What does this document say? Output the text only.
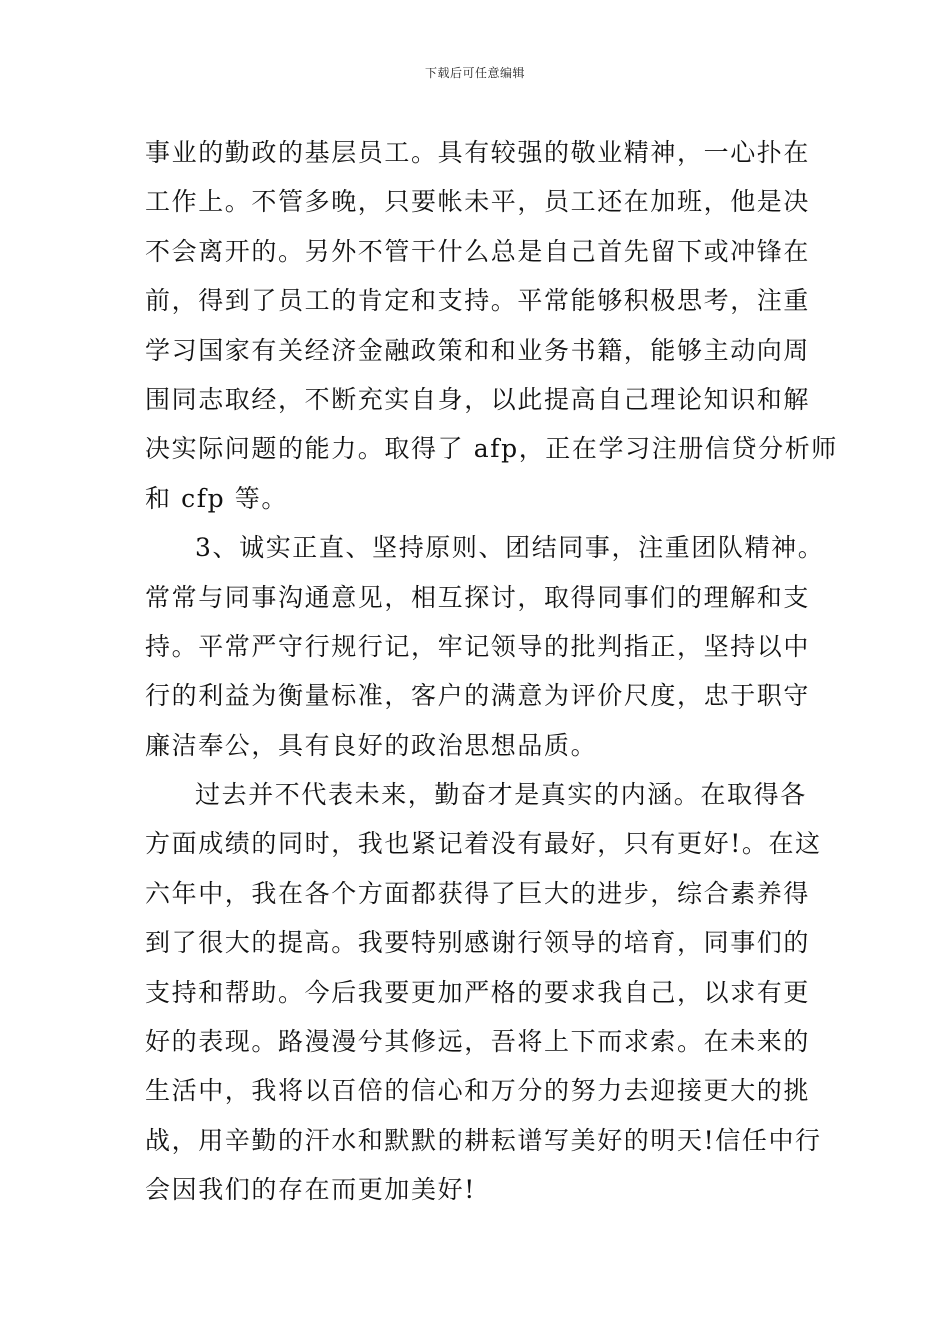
下载后可任意编辑
事业的勤政的基层员工。具有较强的敬业精神，一心扑在
工作上。不管多晚，只要帐未平，员工还在加班，他是决
不会离开的。另外不管干什么总是自己首先留下或冲锋在
前，得到了员工的肯定和支持。平常能够积极思考，注重
学习国家有关经济金融政策和和业务书籍，能够主动向周
围同志取经，不断充实自身，以此提高自己理论知识和解
决实际问题的能力。取得了 afp，正在学习注册信贷分析师
和 cfp 等。
3、诚实正直、坚持原则、团结同事，注重团队精神。
常常与同事沟通意见，相互探讨，取得同事们的理解和支
持。平常严守行规行记，牢记领导的批判指正，坚持以中
行的利益为衡量标准，客户的满意为评价尺度，忠于职守
廉洁奉公，具有良好的政治思想品质。
过去并不代表未来，勤奋才是真实的内涵。在取得各
方面成绩的同时，我也紧记着没有最好，只有更好!。在这
六年中，我在各个方面都获得了巨大的进步，综合素养得
到了很大的提高。我要特别感谢行领导的培育，同事们的
支持和帮助。今后我要更加严格的要求我自己，以求有更
好的表现。路漫漫兮其修远，吾将上下而求索。在未来的
生活中，我将以百倍的信心和万分的努力去迎接更大的挑
战，用辛勤的汗水和默默的耕耘谱写美好的明天!信任中行
会因我们的存在而更加美好!
